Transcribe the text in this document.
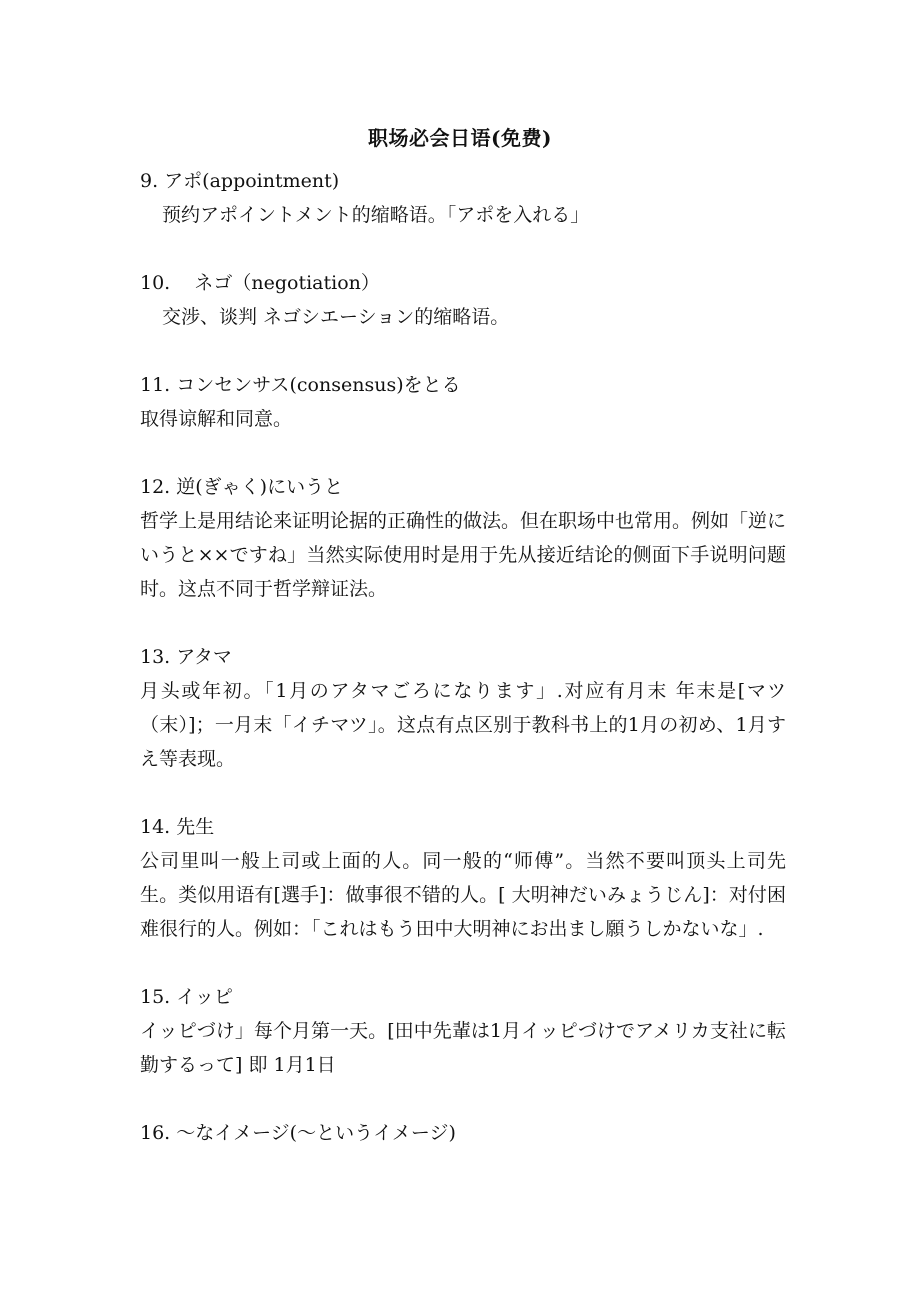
职场必会日语(免费)
9. アポ(appointment)

预约アポイントメント的缩略语。「アポを入れる」

10.    ネゴ（negotiation）

交涉、谈判 ネゴシエーション的缩略语。

11. コンセンサス(consensus)をとる

取得谅解和同意。

12. 逆(ぎゃく)にいうと

哲学上是用结论来证明论据的正确性的做法。但在职场中也常用。例如「逆にいうと××ですね」当然实际使用时是用于先从接近结论的侧面下手说明问题时。这点不同于哲学辩证法。

13. アタマ

月头或年初。「1月のアタマごろになります」.对应有月末 年末是[マツ（末）]；一月末「イチマツ」。这点有点区别于教科书上的1月の初め、1月すえ等表现。

14. 先生

公司里叫一般上司或上面的人。同一般的“师傅”。当然不要叫顶头上司先生。类似用语有[選手]：做事很不错的人。[ 大明神だいみょうじん]：对付困难很行的人。例如：「これはもう田中大明神にお出まし願うしかないな」.

15. イッピ

イッピづけ」每个月第一天。[田中先輩は1月イッピづけでアメリカ支社に転勤するって] 即 1月1日

16. ～なイメージ(～というイメージ)
